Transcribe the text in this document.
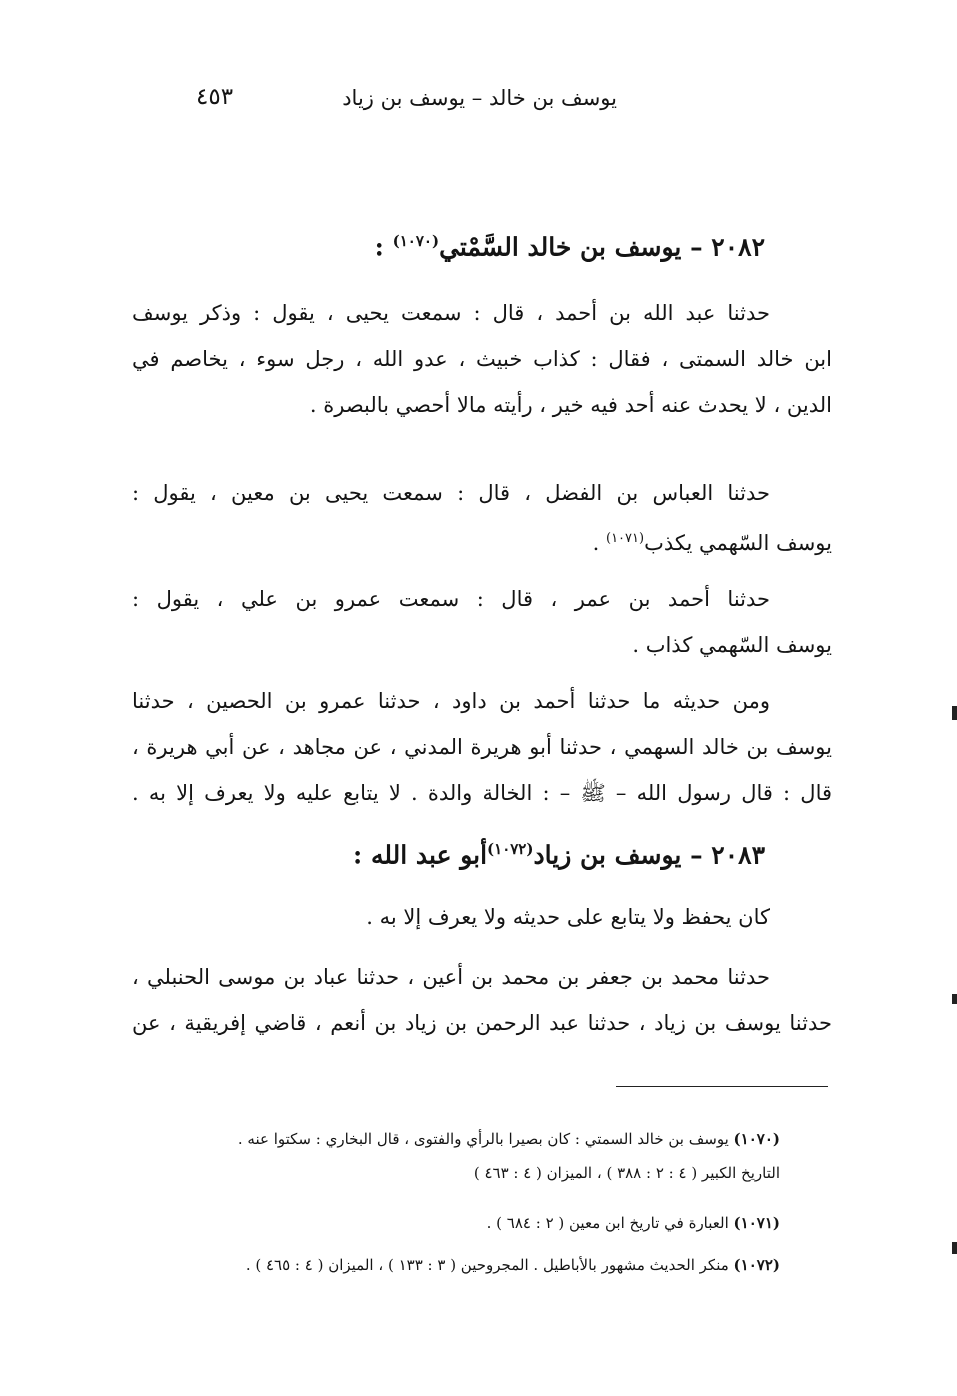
يوسف بن خالد – يوسف بن زياد
٤٥٣
٢٠٨٢ – يوسف بن خالد السَّمْتي$^{(١٠٧٠)}$ :
حدثنا عبد الله بن أحمد ، قال : سمعت يحيى ، يقول : وذكر يوسف
ابن خالد السمتى ، فقال : كذاب خبيث ، عدو الله ، رجل سوء ، يخاصم في
الدين ، لا يحدث عنه أحد فيه خير ، رأيته مالا أحصي بالبصرة .
حدثنا العباس بن الفضل ، قال : سمعت يحيى بن معين ، يقول :
يوسف السّهمي يكذب$^{(١٠٧١)}$ .
حدثنا أحمد بن عمر ، قال : سمعت عمرو بن علي ، يقول :
يوسف السّهمي كذاب .
ومن حديثه ما حدثنا أحمد بن داود ، حدثنا عمرو بن الحصين ، حدثنا
يوسف بن خالد السهمي ، حدثنا أبو هريرة المدني ، عن مجاهد ، عن أبي هريرة ،
قال : قال رسول الله – ﷺ – : الخالة والدة . لا يتابع عليه ولا يعرف إلا به .
٢٠٨٣ – يوسف بن زياد$^{(١٠٧٢)}$أبو عبد الله :
كان يحفظ ولا يتابع على حديثه ولا يعرف إلا به .
حدثنا محمد بن جعفر بن محمد بن أعين ، حدثنا عباد بن موسى الحنبلي ،
حدثنا يوسف بن زياد ، حدثنا عبد الرحمن بن زياد بن أنعم ، قاضي إفريقية ، عن
(١٠٧٠) يوسف بن خالد السمتي : كان بصيرا بالرأي والفتوى ، قال البخاري : سكتوا عنه .
التاريخ الكبير ( ٤ : ٢ : ٣٨٨ ) ، الميزان ( ٤ : ٤٦٣ )
(١٠٧١) العبارة في تاريخ ابن معين ( ٢ : ٦٨٤ ) .
(١٠٧٢) منكر الحديث مشهور بالأباطيل . المجروحين ( ٣ : ١٣٣ ) ، الميزان ( ٤ : ٤٦٥ ) .
